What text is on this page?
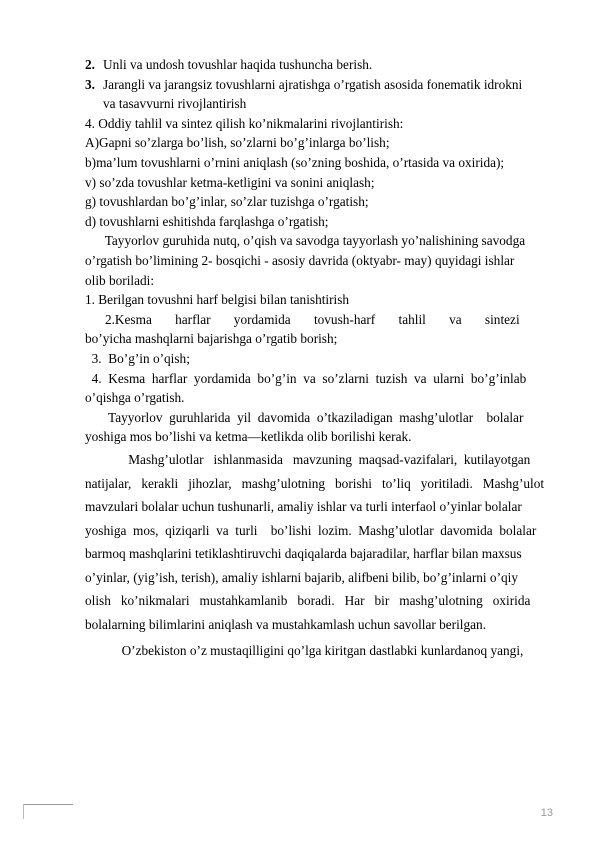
2. Unli va undosh tovushlar haqida tushuncha berish.
3. Jarangli va jarangsiz tovushlarni ajratishga o’rgatish asosida fonematik idrokni
va tasavvurni rivojlantirish
4. Oddiy tahlil va sintez qilish ko’nikmalarini rivojlantirish:
A)Gapni so’zlarga bo’lish, so’zlarni bo’g’inlarga bo’lish;
b)ma’lum tovushlarni o’rnini aniqlash (so’zning boshida, o’rtasida va oxirida);
v) so’zda tovushlar ketma-ketligini va sonini aniqlash;
g) tovushlardan bo’g’inlar, so’zlar tuzishga o’rgatish;
d) tovushlarni eshitishda farqlashga o’rgatish;
Tayyorlov guruhida nutq, o’qish va savodga tayyorlash yo’nalishining savodga
o’rgatish bo’limining 2- bosqichi - asosiy davrida (oktyabr- may) quyidagi ishlar
olib boriladi:
1. Berilgan tovushni harf belgisi bilan tanishtirish
2.Kesma       harflar       yordamida       tovush-harf       tahlil       va       sintezi
bo’yicha mashqlarni bajarishga o’rgatib borish;
3.  Bo’g’in o’qish;
4.  Kesma  harflar  yordamida  bo’g’in  va  so’zlarni  tuzish  va  ularni  bo’g’inlab
o’qishga o’rgatish.
Tayyorlov  guruhlarida  yil  davomida  o’tkaziladigan  mashg’ulotlar    bolalar
yoshiga mos bo’lishi va ketma—ketlikda olib borilishi kerak.
Mashg’ulotlar   ishlanmasida   mavzuning  maqsad-vazifalari,  kutilayotgan
natijalar,   kerakli   jihozlar,   mashg’ulotning   borishi   to’liq   yoritiladi.   Mashg’ulot
mavzulari bolalar uchun tushunarli, amaliy ishlar va turli interfaol o’yinlar bolalar
yoshiga  mos,  qiziqarli  va  turli    bo’lishi  lozim.  Mashg’ulotlar  davomida  bolalar
barmoq mashqlarini tetiklashtiruvchi daqiqalarda bajaradilar, harflar bilan maxsus
o’yinlar, (yig’ish, terish), amaliy ishlarni bajarib, alifbeni bilib, bo’g’inlarni o’qiy
olish   ko’nikmalari   mustahkamlanib   boradi.   Har   bir   mashg’ulotning   oxirida
bolalarning bilimlarini aniqlash va mustahkamlash uchun savollar berilgan.
O’zbekiston o’z mustaqilligini qo’lga kiritgan dastlabki kunlardanoq yangi,
13
